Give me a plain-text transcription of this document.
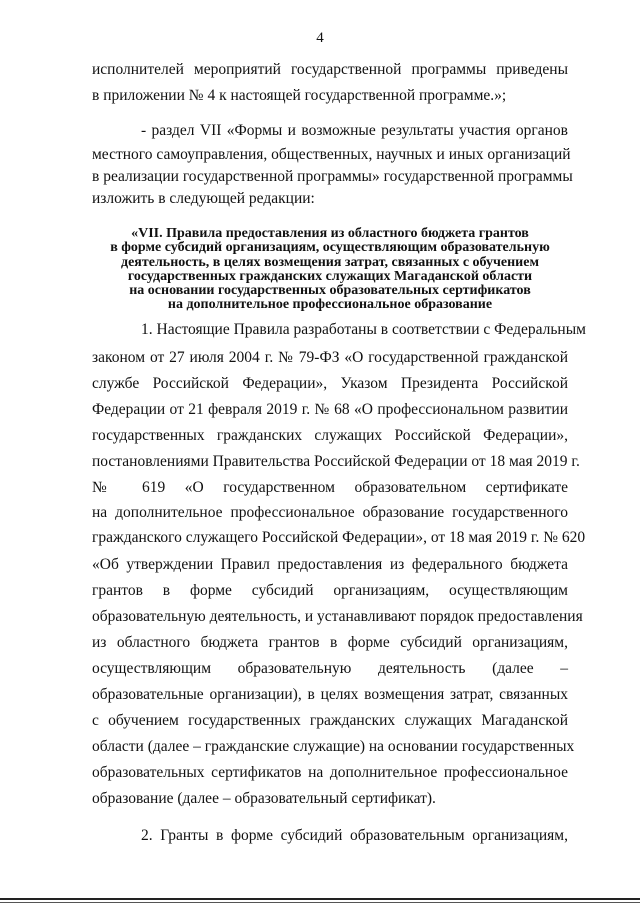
4
исполнителей мероприятий государственной программы приведены
в приложении № 4 к настоящей государственной программе.»;
- раздел VII «Формы и возможные результаты участия органов
местного самоуправления, общественных, научных и иных организаций
в реализации государственной программы» государственной программы
изложить в следующей редакции:
«VII. Правила предоставления из областного бюджета грантов
в форме субсидий организациям, осуществляющим образовательную
деятельность, в целях возмещения затрат, связанных с обучением
государственных гражданских служащих Магаданской области
на основании государственных образовательных сертификатов
на дополнительное профессиональное образование
1. Настоящие Правила разработаны в соответствии с Федеральным
законом от 27 июля 2004 г. № 79-ФЗ «О государственной гражданской
службе Российской Федерации», Указом Президента Российской
Федерации от 21 февраля 2019 г. № 68 «О профессиональном развитии
государственных гражданских служащих Российской Федерации»,
постановлениями Правительства Российской Федерации от 18 мая 2019 г.
№ 619 «О государственном образовательном сертификате
на дополнительное профессиональное образование государственного
гражданского служащего Российской Федерации», от 18 мая 2019 г. № 620
«Об утверждении Правил предоставления из федерального бюджета
грантов в форме субсидий организациям, осуществляющим
образовательную деятельность, и устанавливают порядок предоставления
из областного бюджета грантов в форме субсидий организациям,
осуществляющим образовательную деятельность (далее –
образовательные организации), в целях возмещения затрат, связанных
с обучением государственных гражданских служащих Магаданской
области (далее – гражданские служащие) на основании государственных
образовательных сертификатов на дополнительное профессиональное
образование (далее – образовательный сертификат).
2. Гранты в форме субсидий образовательным организациям,
